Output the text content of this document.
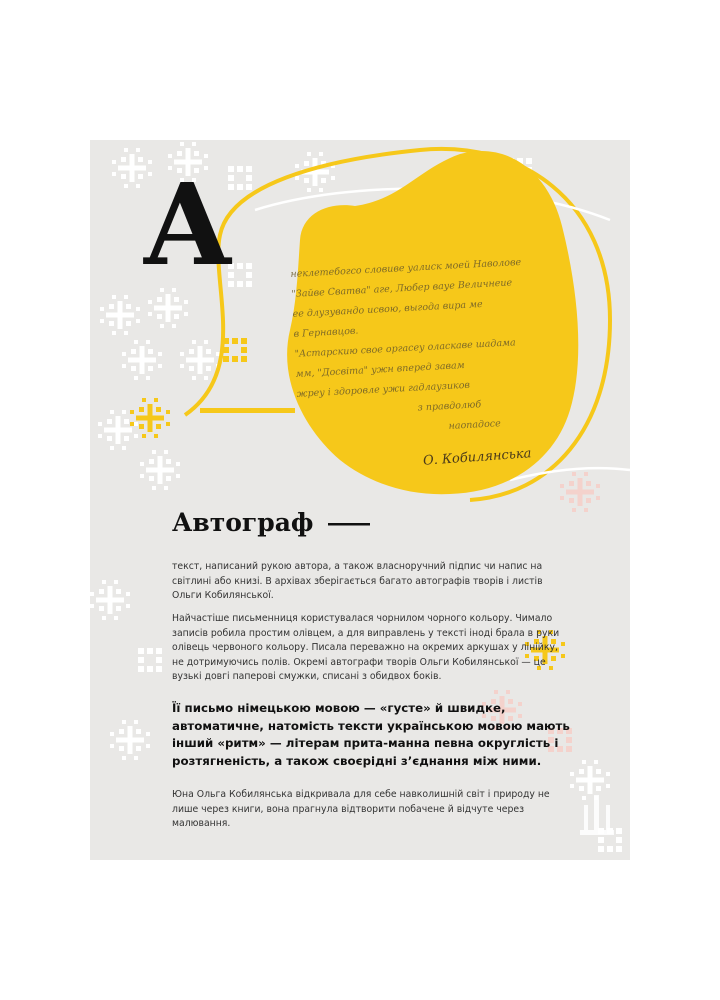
А	неклетебогсо словиве уалиск моей Наволове
"Зайве Сватва" аге, Любер вауе Величнеие
ее длузувандо исвою, выгода вира ме
в Гернавцов.
"Астарскию свое оргасеу оласкаве шадама
мм, "Досвіта" ужн вперед завам
жреу і здоровле ужи гадлаузиков
з правдолюб
наопадосе
О. Кобилянська
Автограф
текст, написаний рукою автора, а також власноручний підпис чи напис на світлині або книзі. В архівах зберігається багато автографів творів і листів Ольги Кобилянської.
Найчастіше письменниця користувалася чорнилом чорного кольору. Чимало записів робила простим олівцем, а для виправлень у тексті іноді брала в руки олівець червоного кольору. Писала переважно на окремих аркушах у лінійку, не дотримуючись полів. Окремі автографи творів Ольги Кобилянської — це вузькі довгі паперові смужки, списані з обидвох боків.
Її письмо німецькою мовою — «густе» й швидке, автоматичне, натомість тексти українською мовою мають інший «ритм» — літерам прита-манна певна округлість і розтягненість, а також своєрідні з’єднання між ними.
Юна Ольга Кобилянська відкривала для себе навколишній світ і природу не лише через книги, вона прагнула відтворити побачене й відчуте через малювання.
